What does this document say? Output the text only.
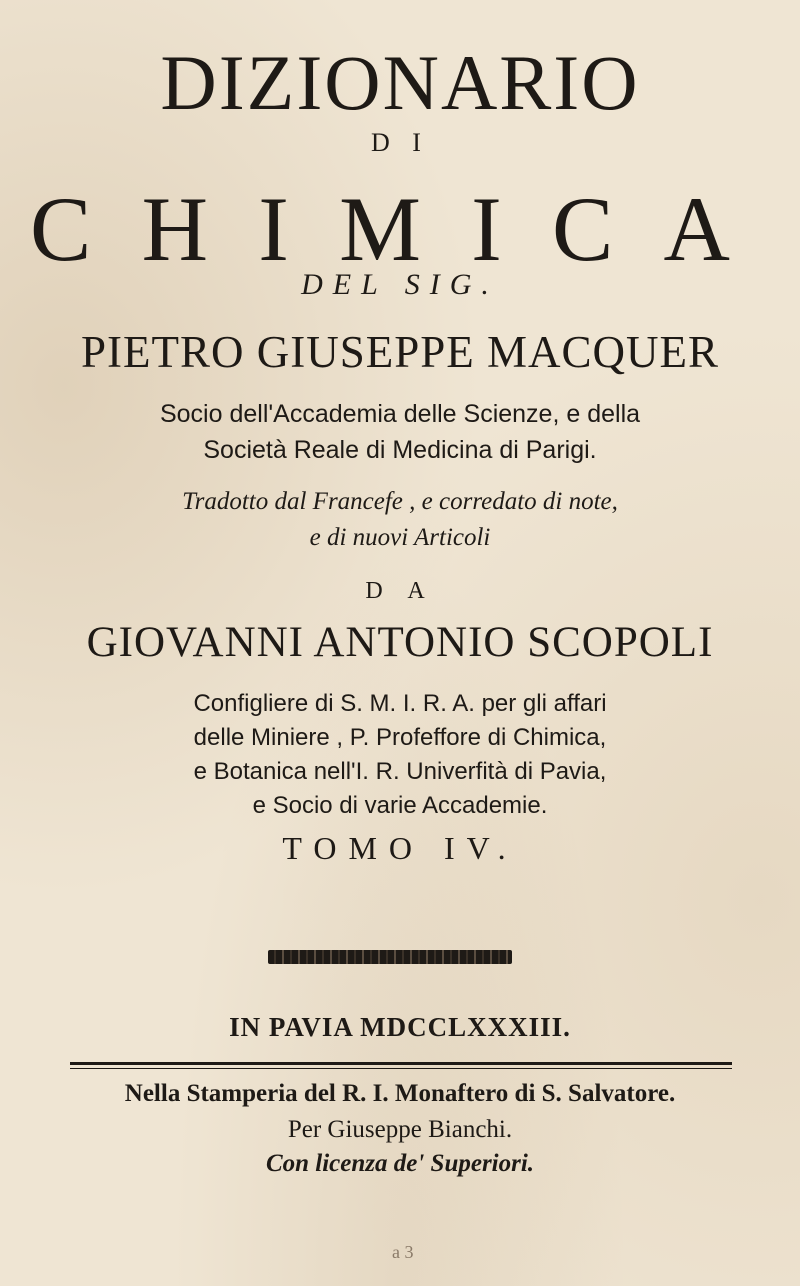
DIZIONARIO
D I
C H I M I C A
DEL SIG.
PIETRO GIUSEPPE MACQUER
Socio dell'Accademia delle Scienze, e della
Società Reale di Medicina di Parigi.
Tradotto dal Francefe , e corredato di note,
e di nuovi Articoli
D A
GIOVANNI ANTONIO SCOPOLI
Configliere di S. M. I. R. A. per gli affari
delle Miniere , P. Profeffore di Chimica,
e Botanica nell'I. R. Univerfità di Pavia,
e Socio di varie Accademie.
TOMO IV.
IN PAVIA MDCCLXXXIII.
Nella Stamperia del R. I. Monaftero di S. Salvatore.
Per Giuseppe Bianchi.
Con licenza de' Superiori.
a 3
